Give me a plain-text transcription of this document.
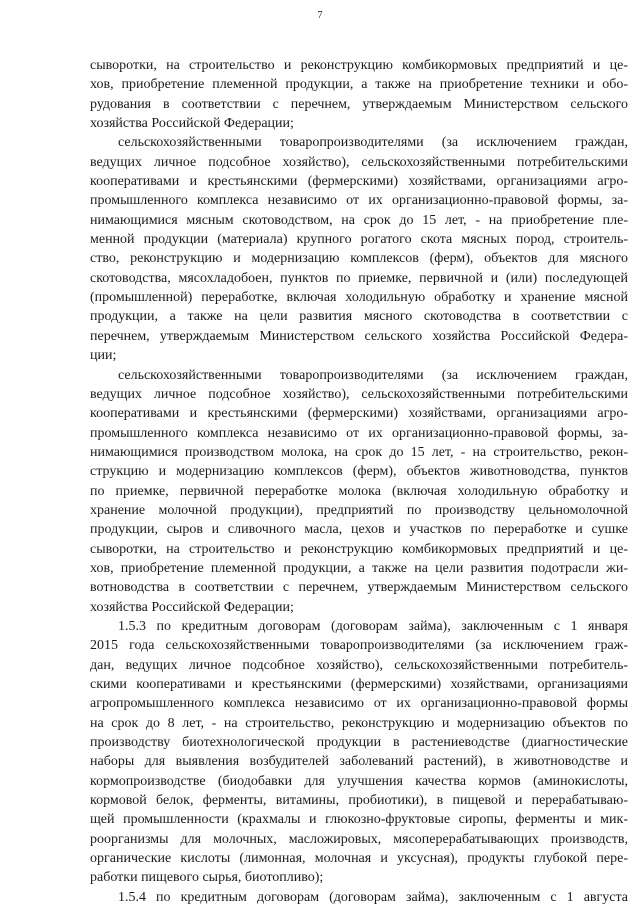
7
сыворотки, на строительство и реконструкцию комбикормовых предприятий и це-
хов, приобретение племенной продукции, а также на приобретение техники и обо-
рудования в соответствии с перечнем, утверждаемым Министерством сельского
хозяйства Российской Федерации;
сельскохозяйственными товаропроизводителями (за исключением граждан,
ведущих личное подсобное хозяйство), сельскохозяйственными потребительскими
кооперативами и крестьянскими (фермерскими) хозяйствами, организациями агро-
промышленного комплекса независимо от их организационно-правовой формы, за-
нимающимися мясным скотоводством, на срок до 15 лет, - на приобретение пле-
менной продукции (материала) крупного рогатого скота мясных пород, строитель-
ство, реконструкцию и модернизацию комплексов (ферм), объектов для мясного
скотоводства, мясохладобоен, пунктов по приемке, первичной и (или) последующей
(промышленной) переработке, включая холодильную обработку и хранение мясной
продукции, а также на цели развития мясного скотоводства в соответствии с
перечнем, утверждаемым Министерством сельского хозяйства Российской Федера-
ции;
сельскохозяйственными товаропроизводителями (за исключением граждан,
ведущих личное подсобное хозяйство), сельскохозяйственными потребительскими
кооперативами и крестьянскими (фермерскими) хозяйствами, организациями агро-
промышленного комплекса независимо от их организационно-правовой формы, за-
нимающимися производством молока, на срок до 15 лет, - на строительство, рекон-
струкцию и модернизацию комплексов (ферм), объектов животноводства, пунктов
по приемке, первичной переработке молока (включая холодильную обработку и
хранение молочной продукции), предприятий по производству цельномолочной
продукции, сыров и сливочного масла, цехов и участков по переработке и сушке
сыворотки, на строительство и реконструкцию комбикормовых предприятий и це-
хов, приобретение племенной продукции, а также на цели развития подотрасли жи-
вотноводства в соответствии с перечнем, утверждаемым Министерством сельского
хозяйства Российской Федерации;
1.5.3 по кредитным договорам (договорам займа), заключенным с 1 января
2015 года сельскохозяйственными товаропроизводителями (за исключением граж-
дан, ведущих личное подсобное хозяйство), сельскохозяйственными потребитель-
скими кооперативами и крестьянскими (фермерскими) хозяйствами, организациями
агропромышленного комплекса независимо от их организационно-правовой формы
на срок до 8 лет, - на строительство, реконструкцию и модернизацию объектов по
производству биотехнологической продукции в растениеводстве (диагностические
наборы для выявления возбудителей заболеваний растений), в животноводстве и
кормопроизводстве (биодобавки для улучшения качества кормов (аминокислоты,
кормовой белок, ферменты, витамины, пробиотики), в пищевой и перерабатываю-
щей промышленности (крахмалы и глюкозно-фруктовые сиропы, ферменты и мик-
роорганизмы для молочных, масложировых, мясоперерабатывающих производств,
органические кислоты (лимонная, молочная и уксусная), продукты глубокой пере-
работки пищевого сырья, биотопливо);
1.5.4 по кредитным договорам (договорам займа), заключенным с 1 августа
